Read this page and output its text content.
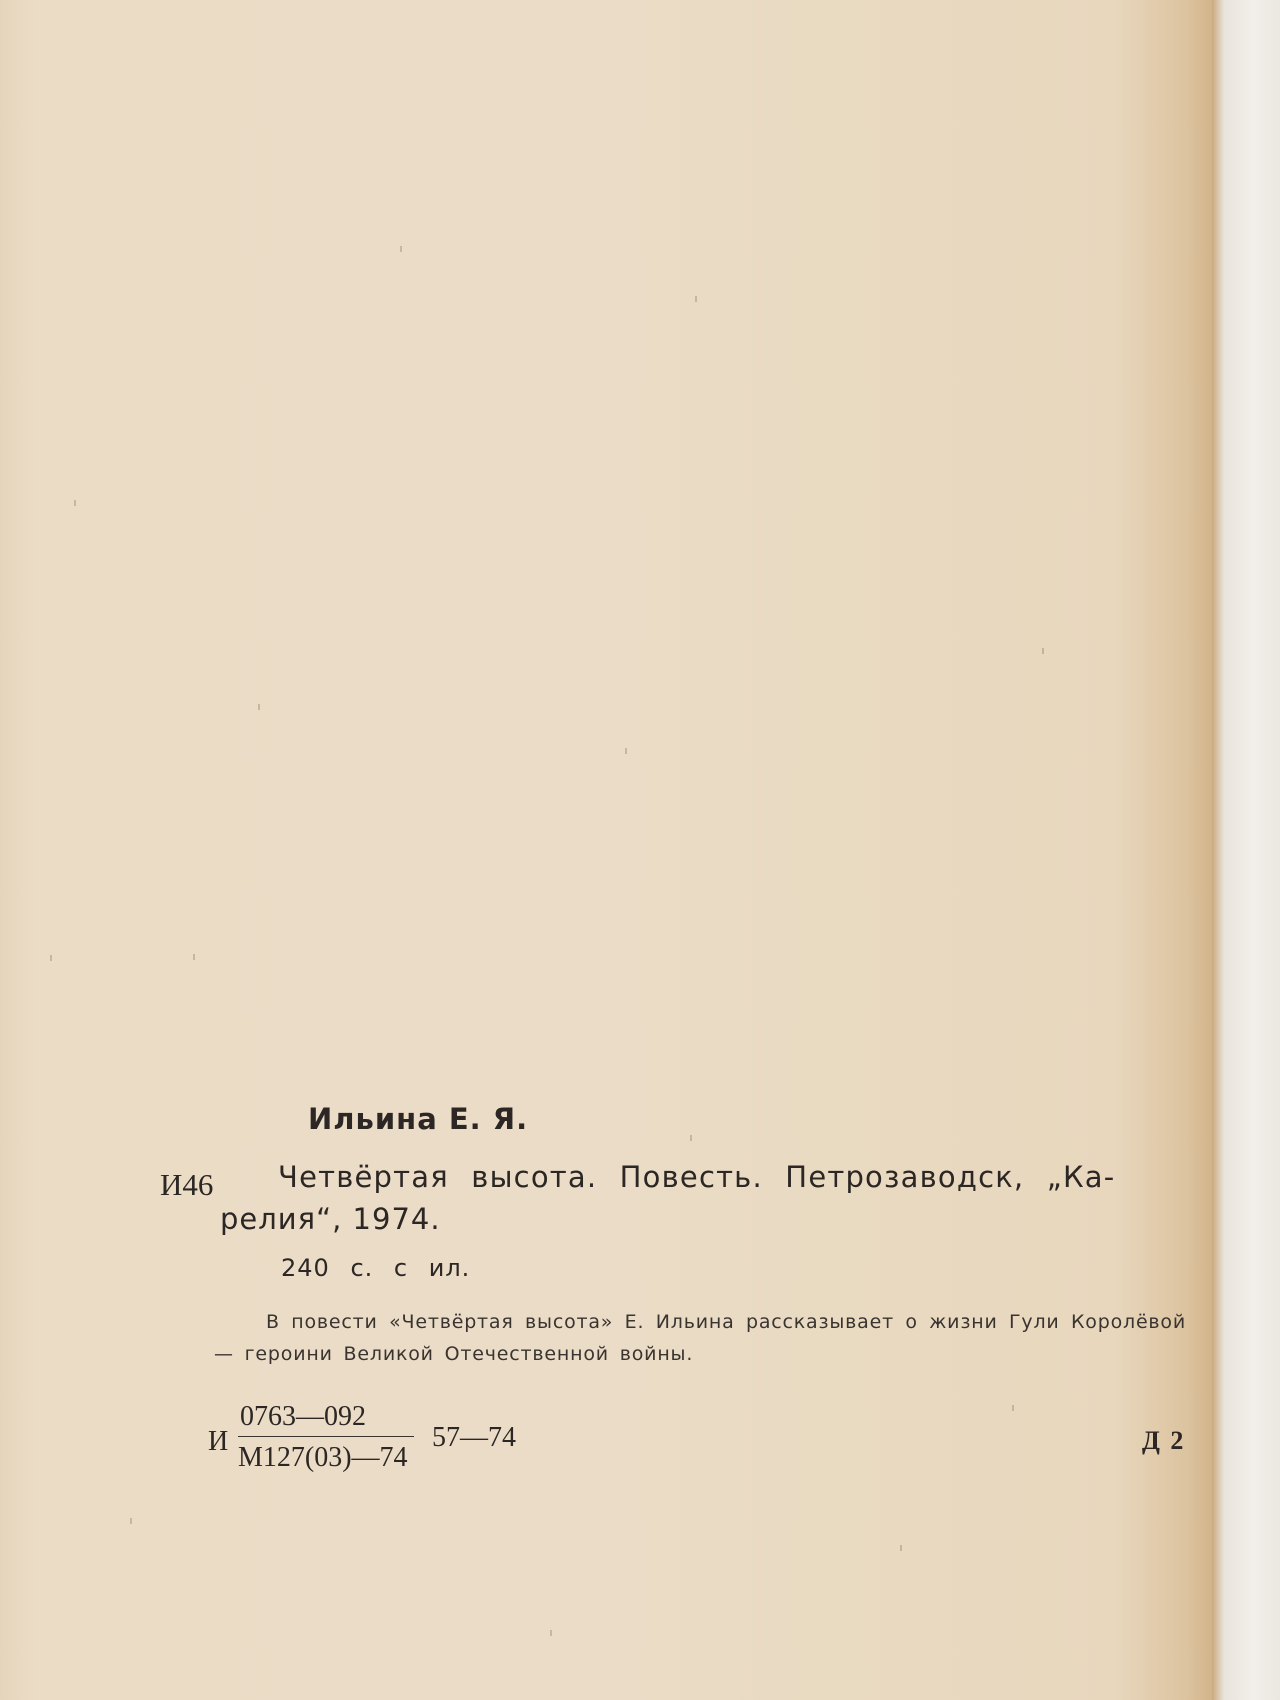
Ильина Е. Я.
И46 Четвёртая высота. Повесть. Петрозаводск, „Ка-
релия“, 1974.
240 с. с ил.
В повести «Четвёртая высота» Е. Ильина рассказывает о жизни Гули Королёвой — героини Великой Отечественной войны.
И
0763—092
М127(03)—74
57—74	Д 2
